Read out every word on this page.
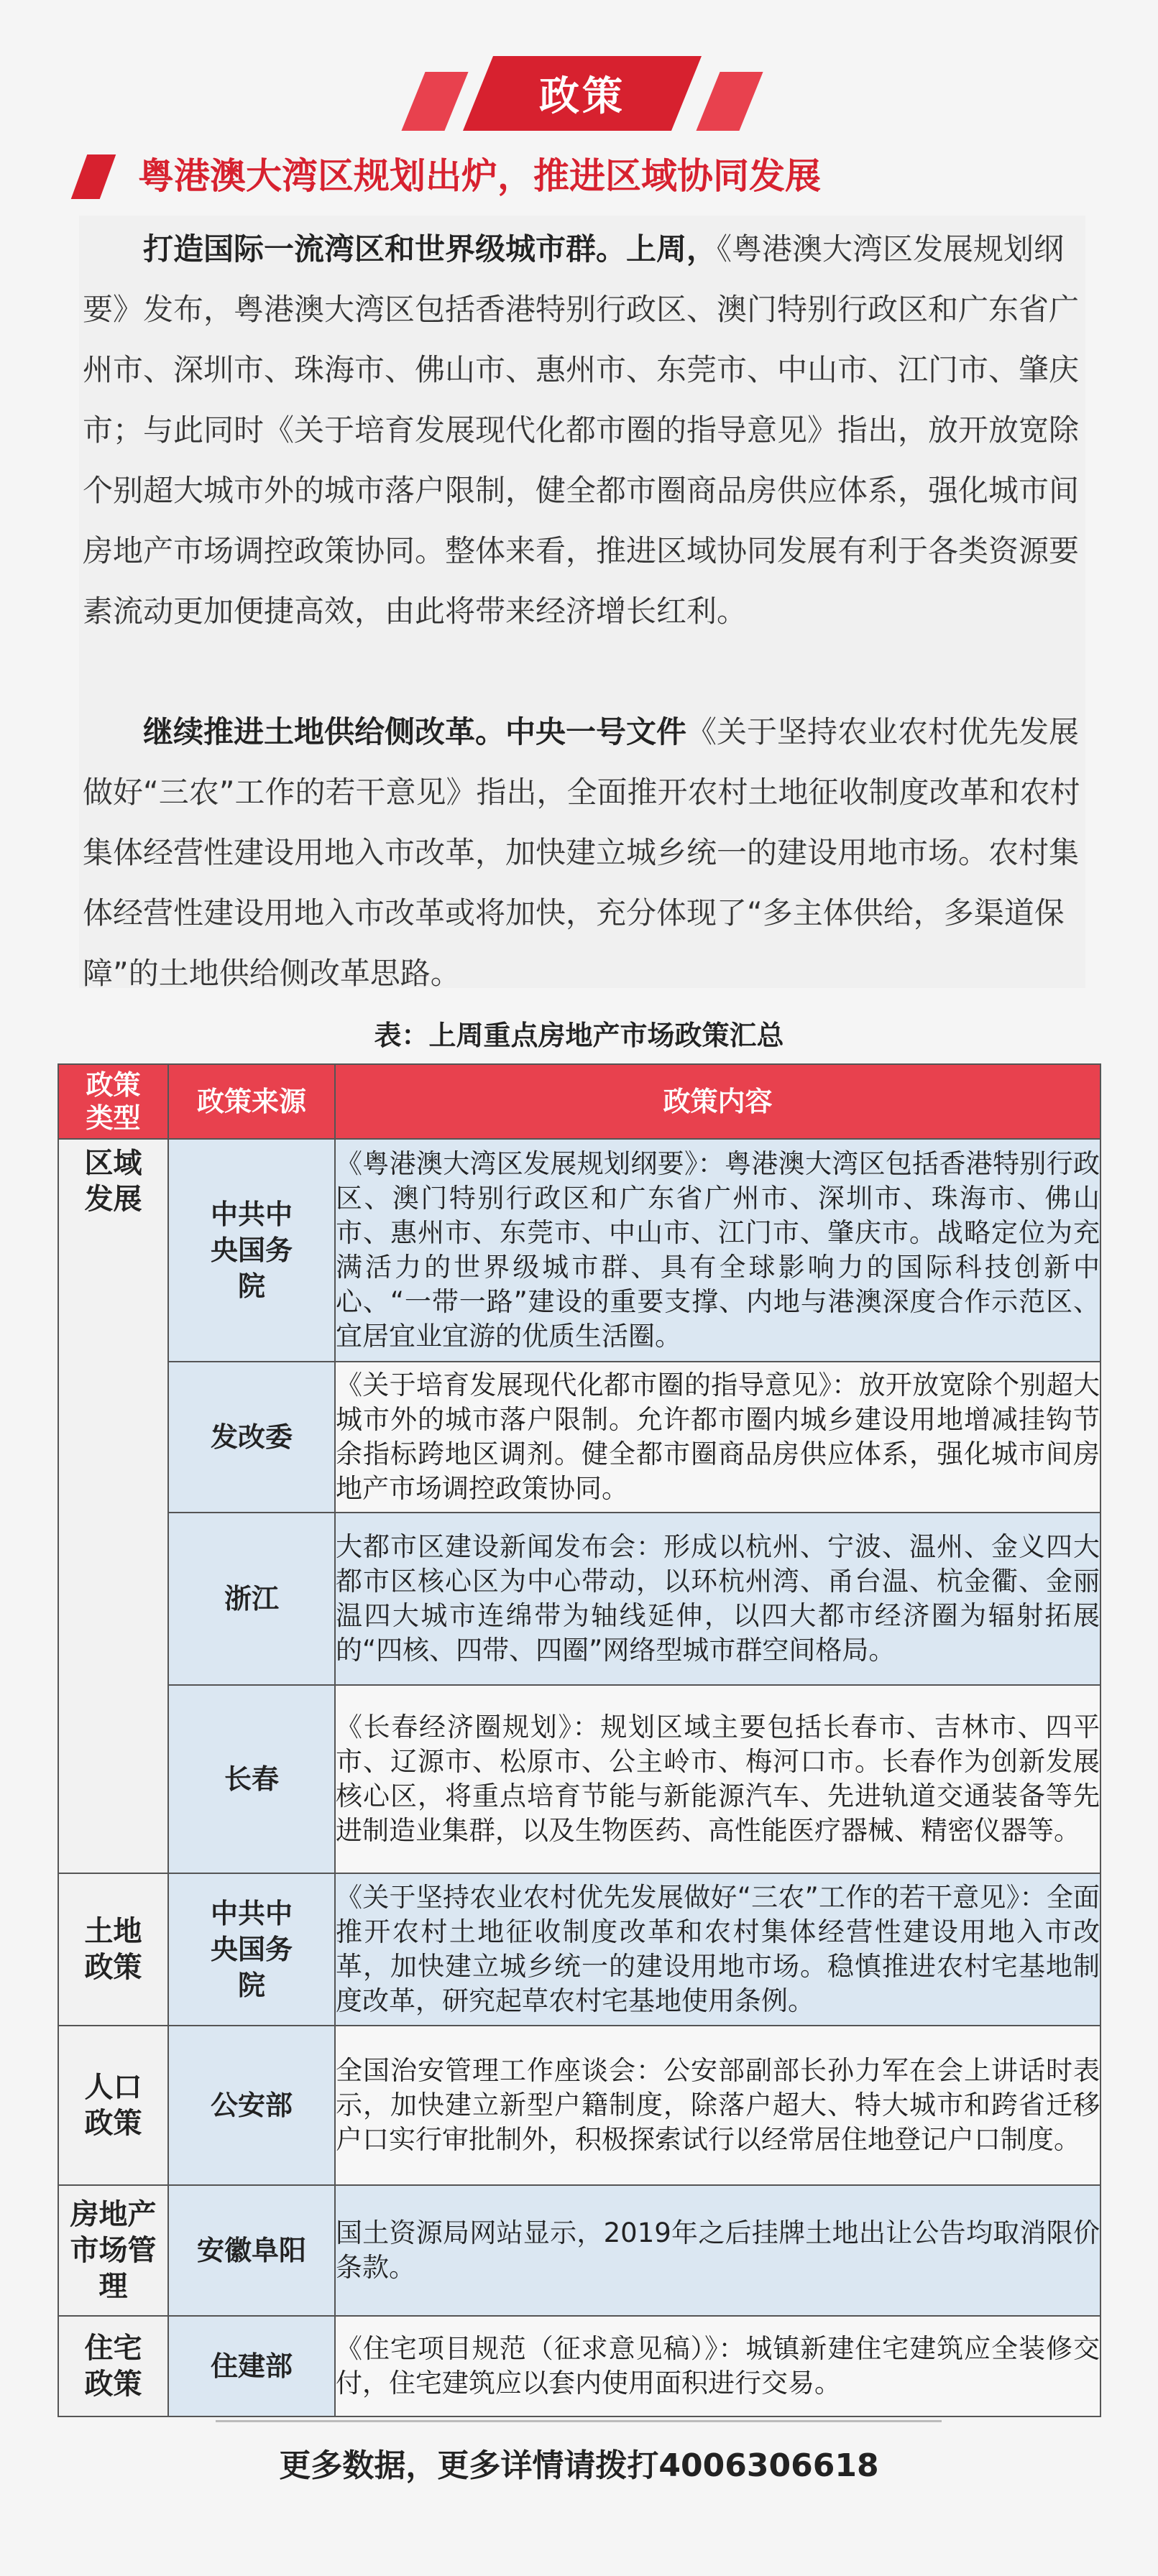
政策
粤港澳大湾区规划出炉，推进区域协同发展

打造国际一流湾区和世界级城市群。上周，《粤港澳大湾区发展规划纲要》发布，粤港澳大湾区包括香港特别行政区、澳门特别行政区和广东省广州市、深圳市、珠海市、佛山市、惠州市、东莞市、中山市、江门市、肇庆市；与此同时《关于培育发展现代化都市圈的指导意见》指出，放开放宽除个别超大城市外的城市落户限制，健全都市圈商品房供应体系，强化城市间房地产市场调控政策协同。整体来看，推进区域协同发展有利于各类资源要素流动更加便捷高效，由此将带来经济增长红利。

继续推进土地供给侧改革。中央一号文件《关于坚持农业农村优先发展做好“三农”工作的若干意见》指出，全面推开农村土地征收制度改革和农村集体经营性建设用地入市改革，加快建立城乡统一的建设用地市场。农村集体经营性建设用地入市改革或将加快，充分体现了“多主体供给，多渠道保障”的土地供给侧改革思路。

表：上周重点房地产市场政策汇总
政策类型	政策来源	政策内容
区域发展	中共中央国务院	《粤港澳大湾区发展规划纲要》：粤港澳大湾区包括香港特别行政区、澳门特别行政区和广东省广州市、深圳市、珠海市、佛山市、惠州市、东莞市、中山市、江门市、肇庆市。战略定位为充满活力的世界级城市群、具有全球影响力的国际科技创新中心、“一带一路”建设的重要支撑、内地与港澳深度合作示范区、宜居宜业宜游的优质生活圈。
	发改委	《关于培育发展现代化都市圈的指导意见》：放开放宽除个别超大城市外的城市落户限制。允许都市圈内城乡建设用地增减挂钩节余指标跨地区调剂。健全都市圈商品房供应体系，强化城市间房地产市场调控政策协同。
	浙江	大都市区建设新闻发布会：形成以杭州、宁波、温州、金义四大都市区核心区为中心带动，以环杭州湾、甬台温、杭金衢、金丽温四大城市连绵带为轴线延伸，以四大都市经济圈为辐射拓展的“四核、四带、四圈”网络型城市群空间格局。
	长春	《长春经济圈规划》：规划区域主要包括长春市、吉林市、四平市、辽源市、松原市、公主岭市、梅河口市。长春作为创新发展核心区，将重点培育节能与新能源汽车、先进轨道交通装备等先进制造业集群，以及生物医药、高性能医疗器械、精密仪器等。
土地政策	中共中央国务院	《关于坚持农业农村优先发展做好“三农”工作的若干意见》：全面推开农村土地征收制度改革和农村集体经营性建设用地入市改革，加快建立城乡统一的建设用地市场。稳慎推进农村宅基地制度改革，研究起草农村宅基地使用条例。
人口政策	公安部	全国治安管理工作座谈会：公安部副部长孙力军在会上讲话时表示，加快建立新型户籍制度，除落户超大、特大城市和跨省迁移户口实行审批制外，积极探索试行以经常居住地登记户口制度。
房地产市场管理	安徽阜阳	国土资源局网站显示，2019年之后挂牌土地出让公告均取消限价条款。
住宅政策	住建部	《住宅项目规范（征求意见稿）》：城镇新建住宅建筑应全装修交付，住宅建筑应以套内使用面积进行交易。
更多数据，更多详情请拨打4006306618
